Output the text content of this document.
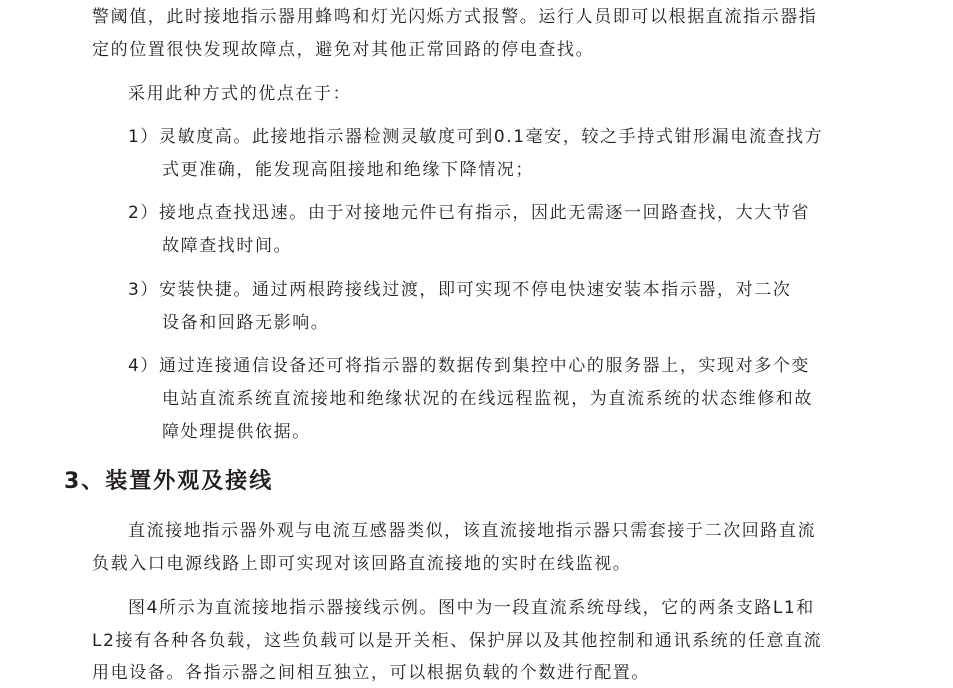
警阈值，此时接地指示器用蜂鸣和灯光闪烁方式报警。运行人员即可以根据直流指示器指
定的位置很快发现故障点，避免对其他正常回路的停电查找。
采用此种方式的优点在于：
1）灵敏度高。此接地指示器检测灵敏度可到0.1毫安，较之手持式钳形漏电流查找方
式更准确，能发现高阻接地和绝缘下降情况；
2）接地点查找迅速。由于对接地元件已有指示，因此无需逐一回路查找，大大节省
故障查找时间。
3）安装快捷。通过两根跨接线过渡，即可实现不停电快速安装本指示器，对二次
设备和回路无影响。
4）通过连接通信设备还可将指示器的数据传到集控中心的服务器上，实现对多个变
电站直流系统直流接地和绝缘状况的在线远程监视，为直流系统的状态维修和故
障处理提供依据。
3、装置外观及接线
直流接地指示器外观与电流互感器类似，该直流接地指示器只需套接于二次回路直流
负载入口电源线路上即可实现对该回路直流接地的实时在线监视。
图4所示为直流接地指示器接线示例。图中为一段直流系统母线，它的两条支路L1和
L2接有各种各负载，这些负载可以是开关柜、保护屏以及其他控制和通讯系统的任意直流
用电设备。各指示器之间相互独立，可以根据负载的个数进行配置。
